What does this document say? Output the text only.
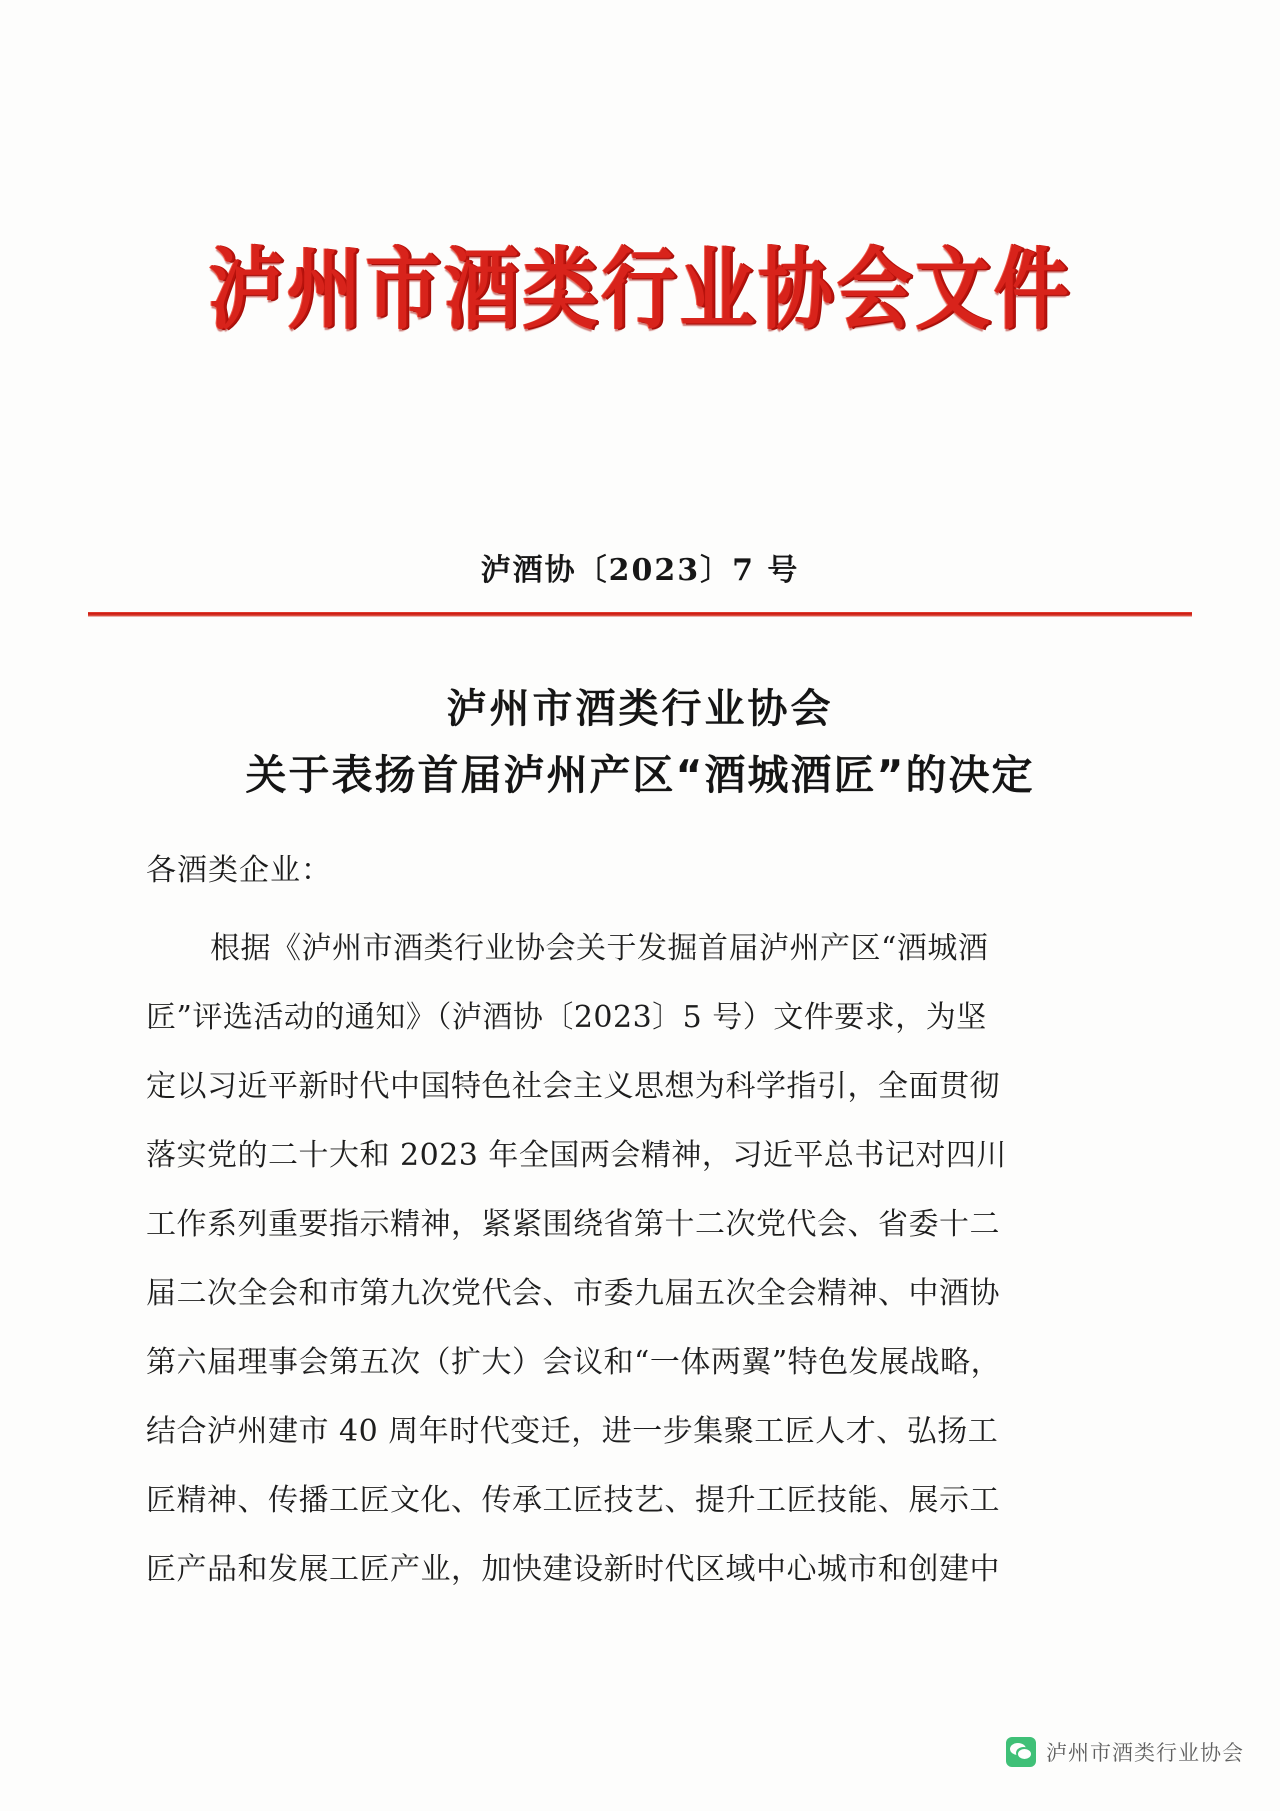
泸州市酒类行业协会文件
泸酒协〔2023〕7 号
泸州市酒类行业协会
关于表扬首届泸州产区“酒城酒匠”的决定
各酒类企业：
根据《泸州市酒类行业协会关于发掘首届泸州产区“酒城酒
匠”评选活动的通知》（泸酒协〔2023〕5 号）文件要求，为坚
定以习近平新时代中国特色社会主义思想为科学指引，全面贯彻
落实党的二十大和 2023 年全国两会精神，习近平总书记对四川
工作系列重要指示精神，紧紧围绕省第十二次党代会、省委十二
届二次全会和市第九次党代会、市委九届五次全会精神、中酒协
第六届理事会第五次（扩大）会议和“一体两翼”特色发展战略，
结合泸州建市 40 周年时代变迁，进一步集聚工匠人才、弘扬工
匠精神、传播工匠文化、传承工匠技艺、提升工匠技能、展示工
匠产品和发展工匠产业，加快建设新时代区域中心城市和创建中
泸州市酒类行业协会
